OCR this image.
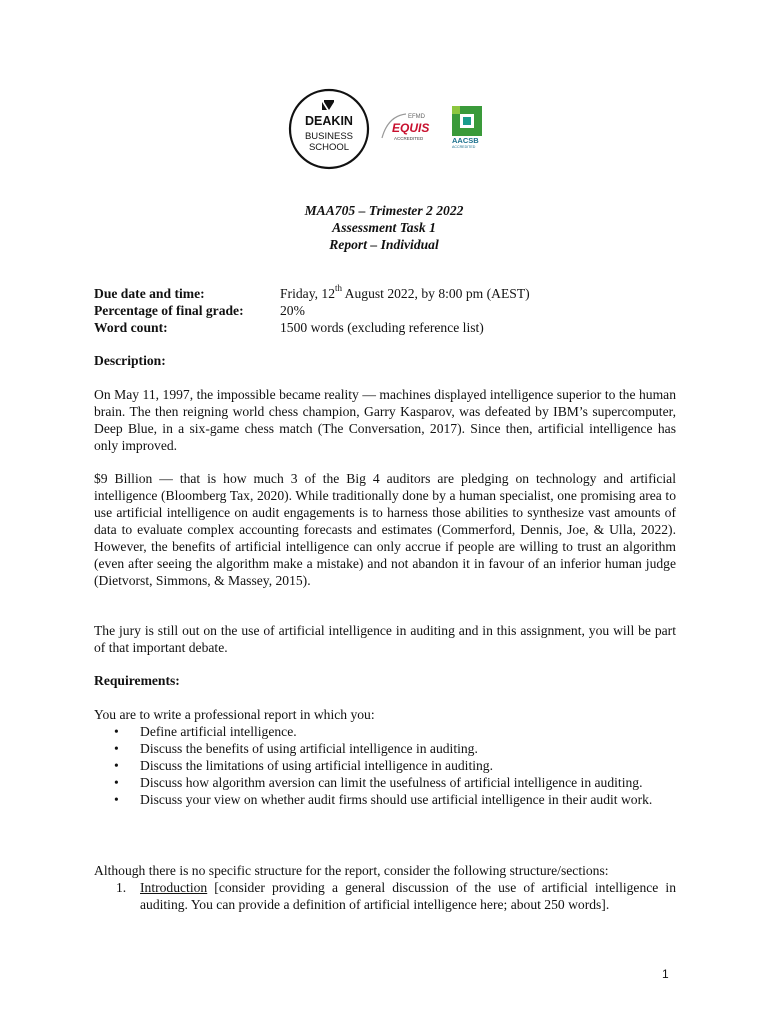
DEAKIN
BUSINESS
SCHOOL
EFMD
EQUIS
ACCREDITED	AACSB
ACCREDITED
MAA705 – Trimester 2 2022
Assessment Task 1
Report – Individual
Due date and time:	Friday, 12th August 2022, by 8:00 pm (AEST)
Percentage of final grade:	20%
Word count:	1500 words (excluding reference list)
Description:

On May 11, 1997, the impossible became reality — machines displayed intelligence superior to the human brain. The then reigning world chess champion, Garry Kasparov, was defeated by IBM’s supercomputer, Deep Blue, in a six-game chess match (The Conversation, 2017). Since then, artificial intelligence has only improved.

$9 Billion — that is how much 3 of the Big 4 auditors are pledging on technology and artificial intelligence (Bloomberg Tax, 2020). While traditionally done by a human specialist, one promising area to use artificial intelligence on audit engagements is to harness those abilities to synthesize vast amounts of data to evaluate complex accounting forecasts and estimates (Commerford, Dennis, Joe, & Ulla, 2022). However, the benefits of artificial intelligence can only accrue if people are willing to trust an algorithm (even after seeing the algorithm make a mistake) and not abandon it in favour of an inferior human judge (Dietvorst, Simmons, & Massey, 2015).

The jury is still out on the use of artificial intelligence in auditing and in this assignment, you will be part of that important debate.

Requirements:
You are to write a professional report in which you:
• Define artificial intelligence.
• Discuss the benefits of using artificial intelligence in auditing.
• Discuss the limitations of using artificial intelligence in auditing.
• Discuss how algorithm aversion can limit the usefulness of artificial intelligence in auditing.
• Discuss your view on whether audit firms should use artificial intelligence in their audit work.
Although there is no specific structure for the report, consider the following structure/sections:
1. Introduction [consider providing a general discussion of the use of artificial intelligence in auditing. You can provide a definition of artificial intelligence here; about 250 words].
1
